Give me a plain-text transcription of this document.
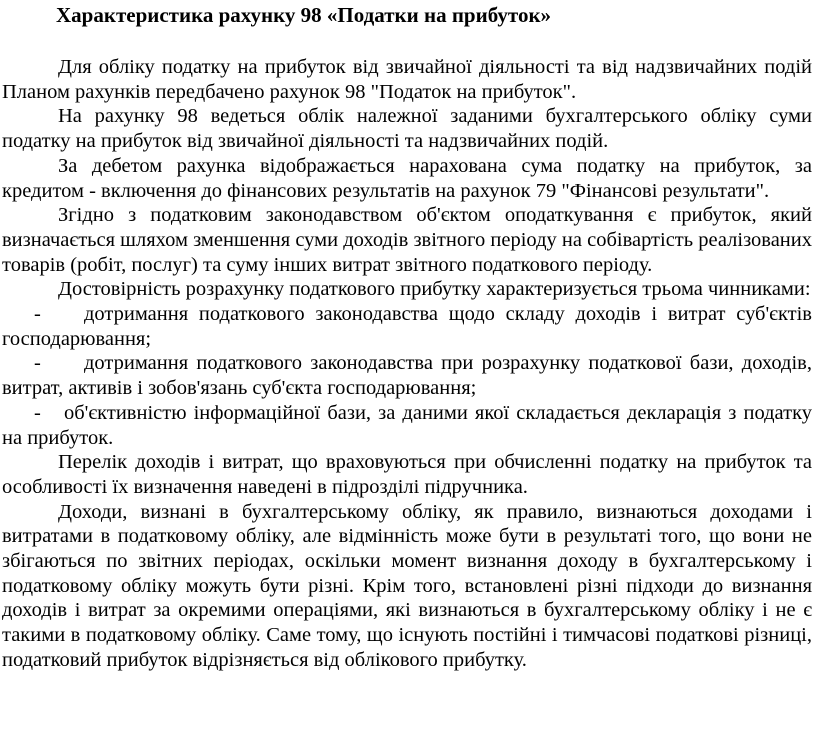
Характеристика рахунку 98 «Податки на прибуток»

Для обліку податку на прибуток від звичайної діяльності та від надзвичайних подій Планом рахунків передбачено рахунок 98 "Податок на прибуток".

На рахунку 98 ведеться облік належної заданими бухгалтерського обліку суми податку на прибуток від звичайної діяльності та надзвичайних подій.

За дебетом рахунка відображається нарахована сума податку на прибуток, за кредитом - включення до фінансових результатів на рахунок 79 "Фінансові результати".

Згідно з податковим законодавством об'єктом оподаткування є прибуток, який визначається шляхом зменшення суми доходів звітного періоду на собівартість реалізованих товарів (робіт, послуг) та суму інших витрат звітного податкового періоду.

Достовірність розрахунку податкового прибутку характеризується трьома чинниками:

- дотримання податкового законодавства щодо складу доходів і витрат суб'єктів господарювання;

- дотримання податкового законодавства при розрахунку податкової бази, доходів, витрат, активів і зобов'язань суб'єкта господарювання;

- об'єктивністю інформаційної бази, за даними якої складається декларація з податку на прибуток.

Перелік доходів і витрат, що враховуються при обчисленні податку на прибуток та особливості їх визначення наведені в підрозділі підручника.

Доходи, визнані в бухгалтерському обліку, як правило, визнаються доходами і витратами в податковому обліку, але відмінність може бути в результаті того, що вони не збігаються по звітних періодах, оскільки момент визнання доходу в бухгалтерському і податковому обліку можуть бути різні. Крім того, встановлені різні підходи до визнання доходів і витрат за окремими операціями, які визнаються в бухгалтерському обліку і не є такими в податковому обліку. Саме тому, що існують постійні і тимчасові податкові різниці, податковий прибуток відрізняється від облікового прибутку.
